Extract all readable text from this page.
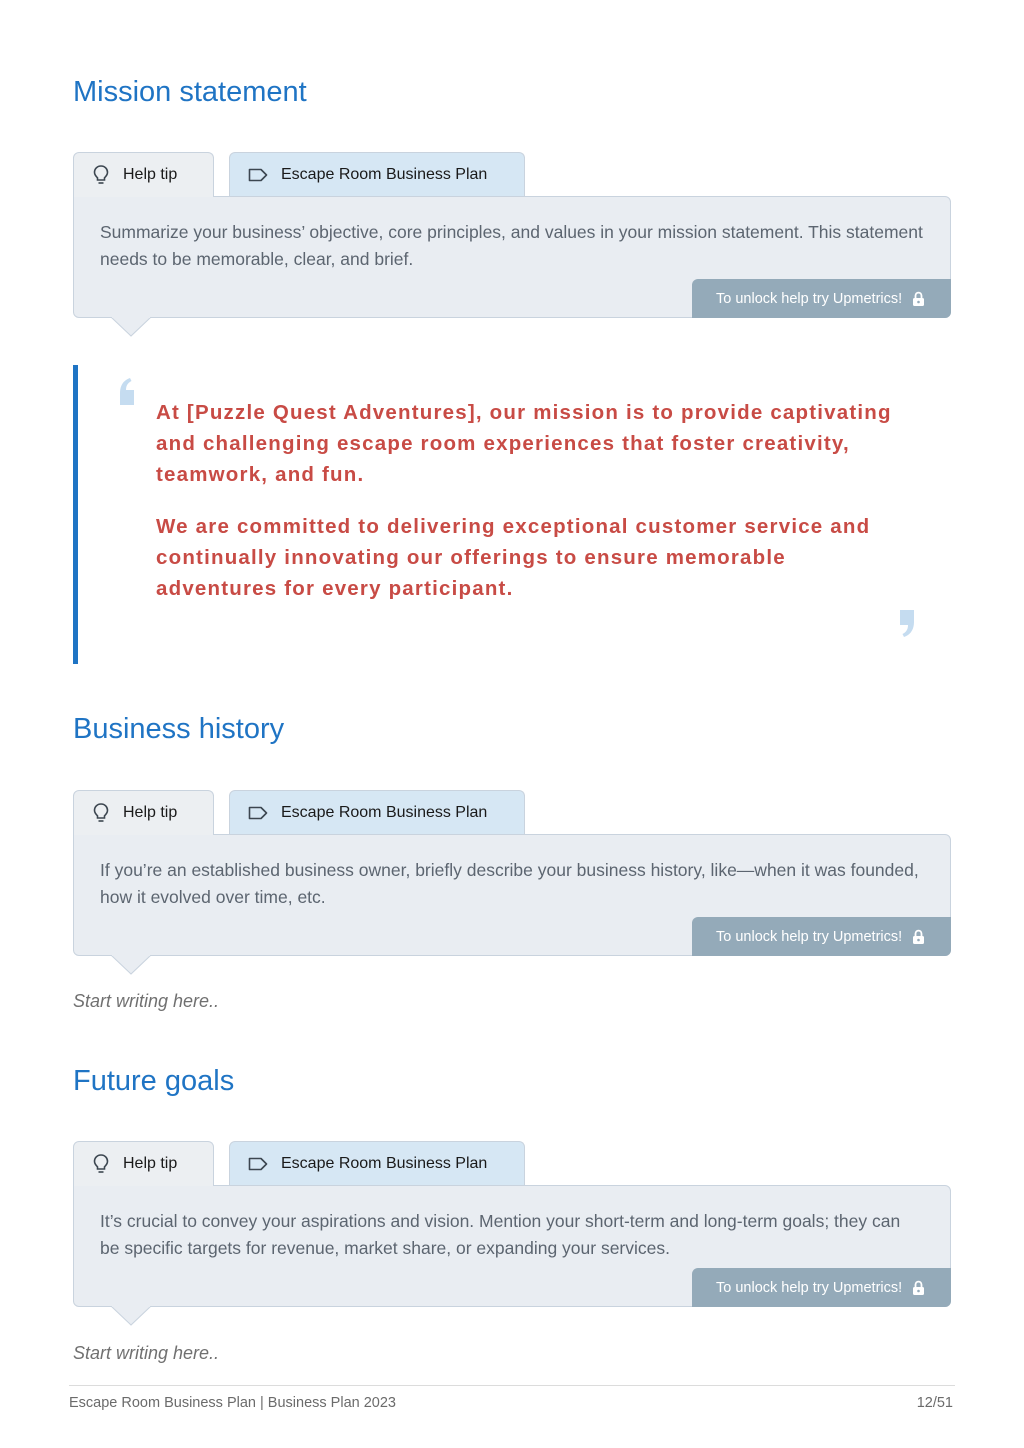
Mission statement
Help tip	Escape Room Business Plan

Summarize your business’ objective, core principles, and values in your mission statement. This statement needs to be memorable, clear, and brief.

To unlock help try Upmetrics!

At [Puzzle Quest Adventures], our mission is to provide captivating and challenging escape room experiences that foster creativity, teamwork, and fun.

We are committed to delivering exceptional customer service and continually innovating our offerings to ensure memorable adventures for every participant.

Business history
Help tip	Escape Room Business Plan

If you’re an established business owner, briefly describe your business history, like—when it was founded, how it evolved over time, etc.

To unlock help try Upmetrics!
Start writing here..
Future goals
Help tip	Escape Room Business Plan

It’s crucial to convey your aspirations and vision. Mention your short-term and long-term goals; they can be specific targets for revenue, market share, or expanding your services.

To unlock help try Upmetrics!
Start writing here..
Escape Room Business Plan | Business Plan 2023	12/51
